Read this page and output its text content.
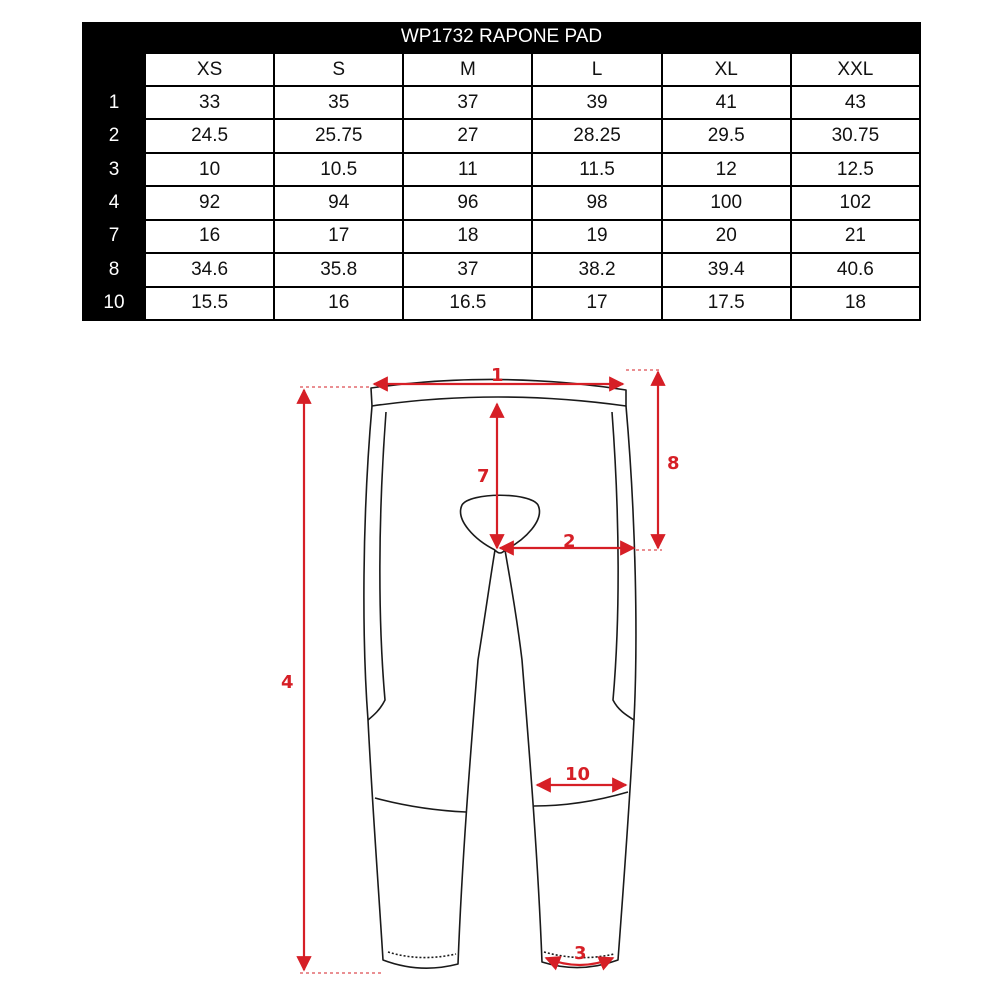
WP1732 RAPONE PAD						
	XS	S	M	L	XL	XXL
1	33	35	37	39	41	43
2	24.5	25.75	27	28.25	29.5	30.75
3	10	10.5	11	11.5	12	12.5
4	92	94	96	98	100	102
7	16	17	18	19	20	21
8	34.6	35.8	37	38.2	39.4	40.6
10	15.5	16	16.5	17	17.5	18
1
8
7
2
4
10
3
